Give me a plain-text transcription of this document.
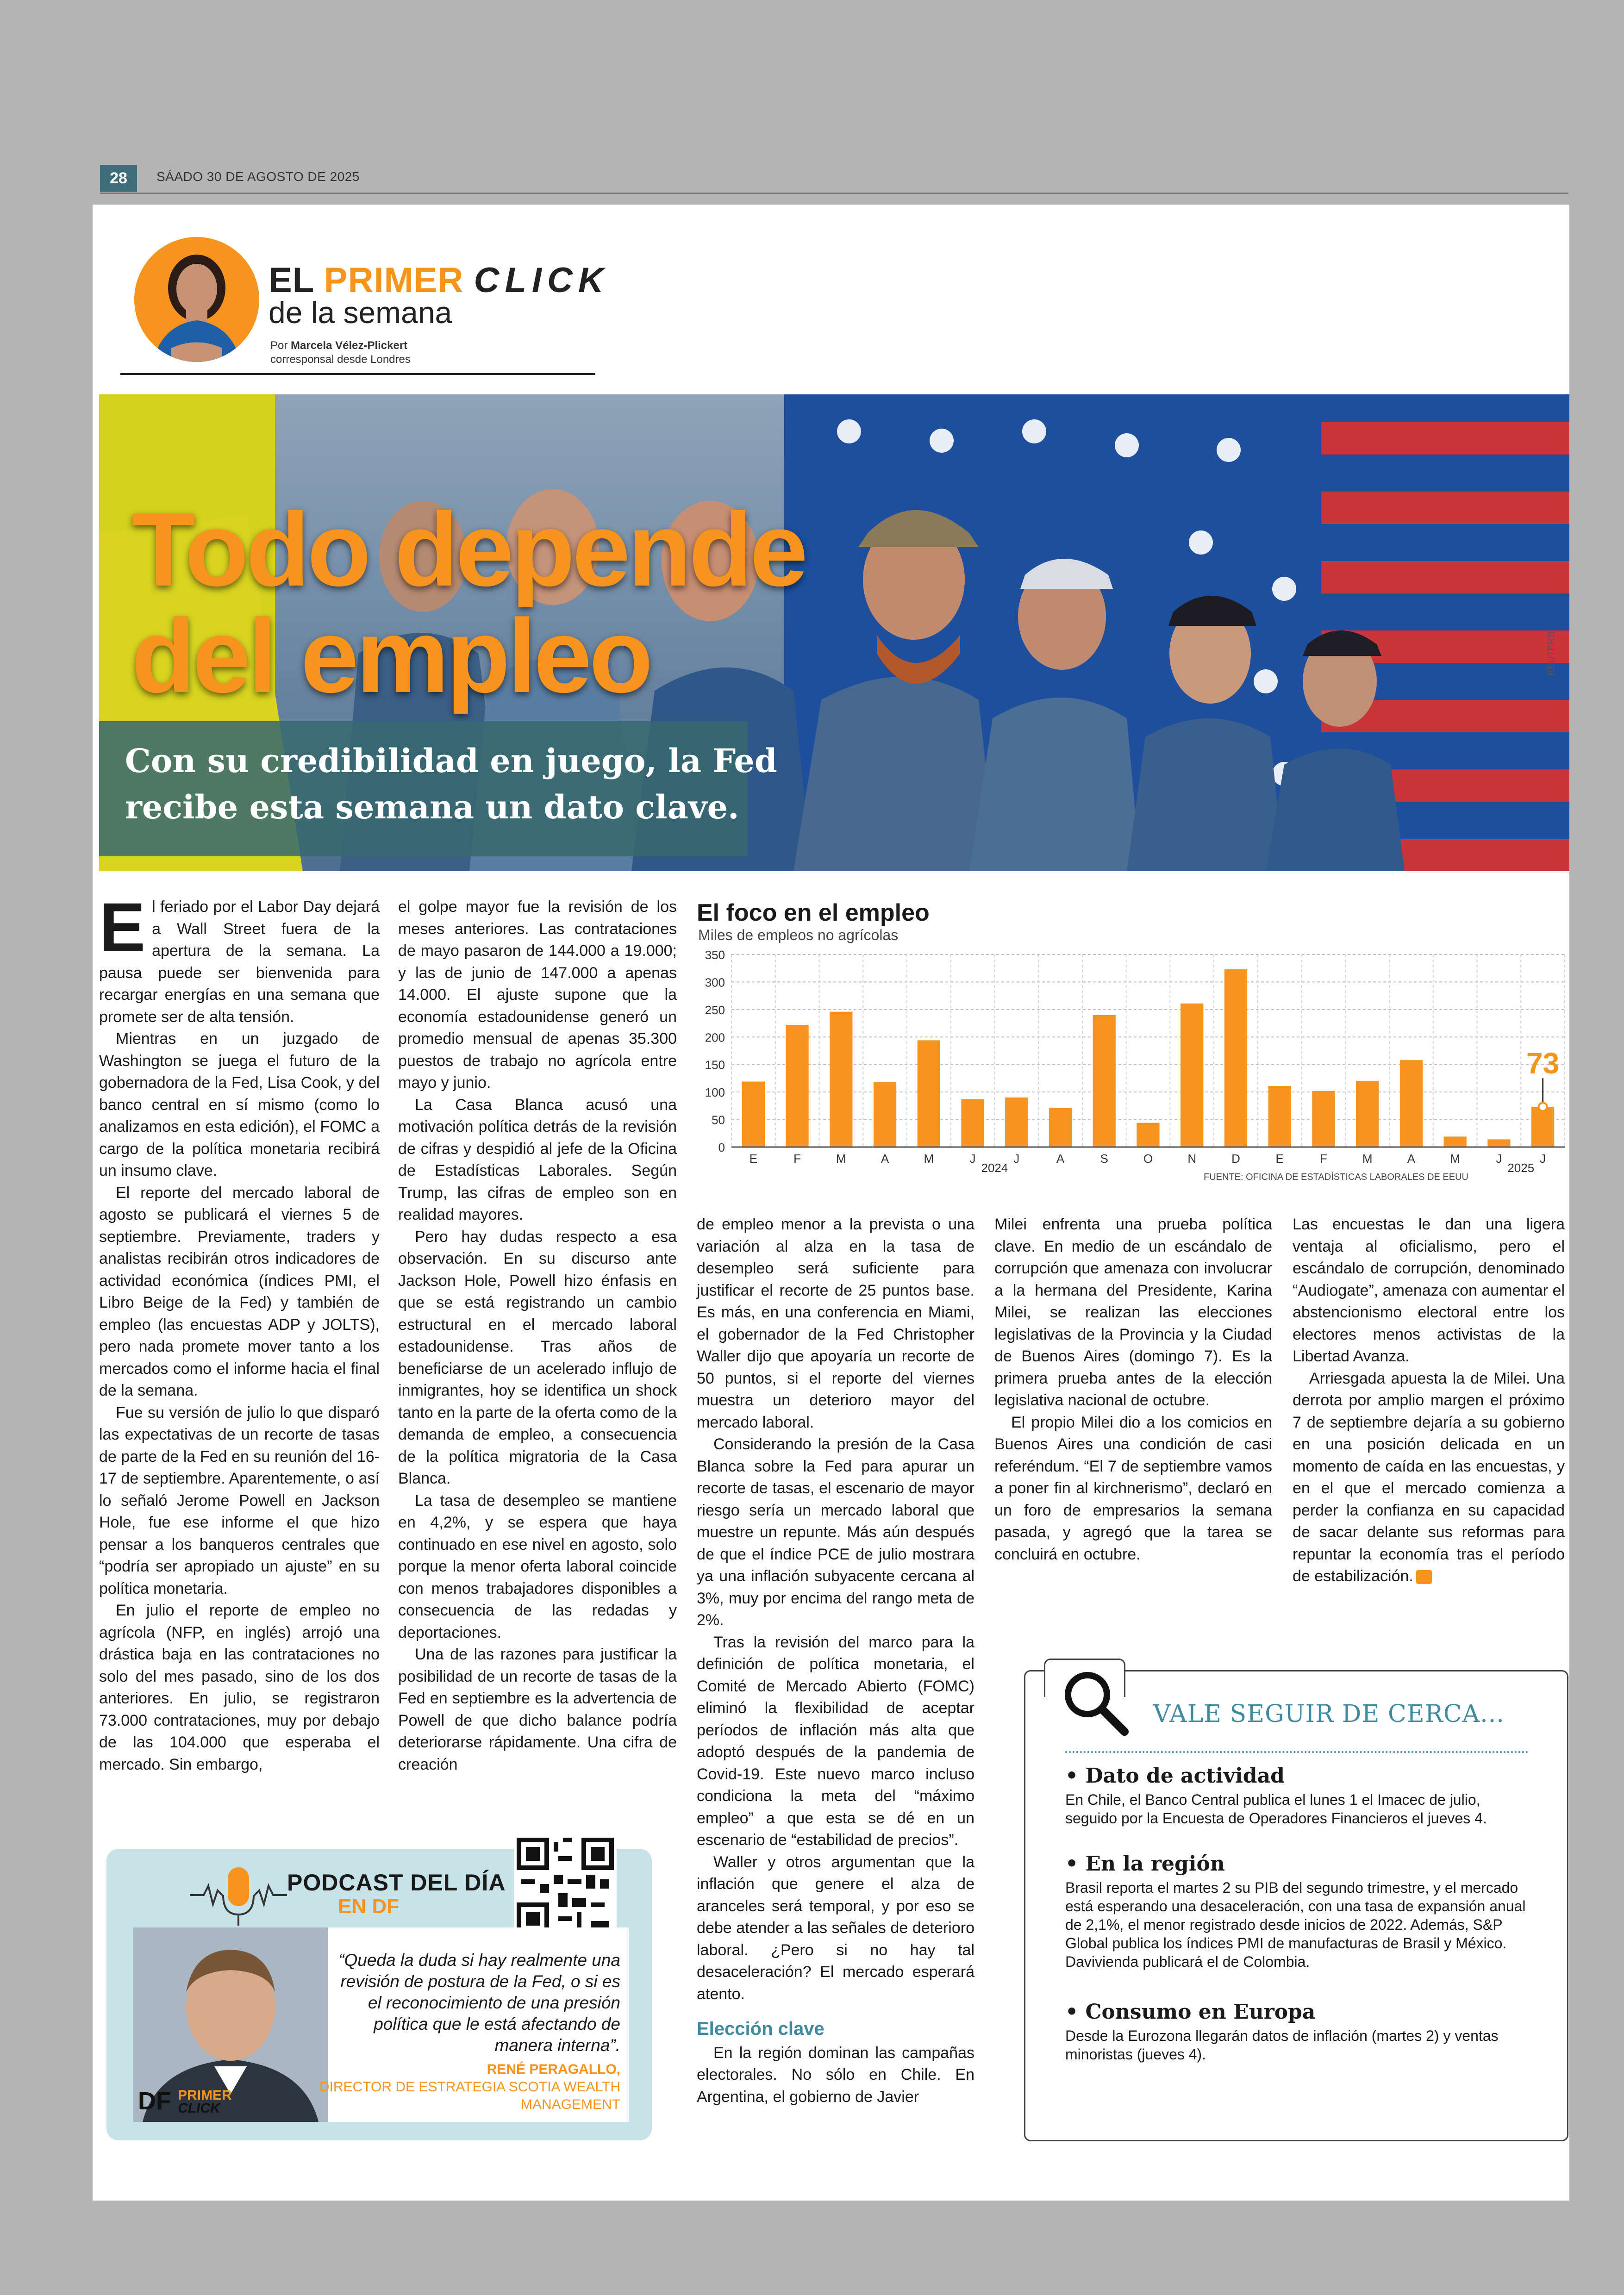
28	SÁADO 30 DE AGOSTO DE 2025
EL PRIMER CLICK
de la semana
Por Marcela Vélez-Plickert
corresponsal desde Londres
Todo depende
del empleo
Con su credibilidad en juego, la Fed
recibe esta semana un dato clave.
REUTERS

El feriado por el Labor Day dejará a Wall Street fuera de la apertura de la semana. La pausa puede ser bienvenida para recargar energías en una semana que promete ser de alta tensión.

Mientras en un juzgado de Washington se juega el futuro de la gobernadora de la Fed, Lisa Cook, y del banco central en sí mismo (como lo analizamos en esta edición), el FOMC a cargo de la política monetaria recibirá un insumo clave.

El reporte del mercado laboral de agosto se publicará el viernes 5 de septiembre. Previamente, traders y analistas recibirán otros indicadores de actividad económica (índices PMI, el Libro Beige de la Fed) y también de empleo (las encuestas ADP y JOLTS), pero nada promete mover tanto a los mercados como el informe hacia el final de la semana.

Fue su versión de julio lo que disparó las expectativas de un recorte de tasas de parte de la Fed en su reunión del 16-17 de septiembre. Aparentemente, o así lo señaló Jerome Powell en Jackson Hole, fue ese informe el que hizo pensar a los banqueros centrales que “podría ser apropiado un ajuste” en su política monetaria.

En julio el reporte de empleo no agrícola (NFP, en inglés) arrojó una drástica baja en las contrataciones no solo del mes pasado, sino de los dos anteriores. En julio, se registraron 73.000 contrataciones, muy por debajo de las 104.000 que esperaba el mercado. Sin embargo,

el golpe mayor fue la revisión de los meses anteriores. Las contrataciones de mayo pasaron de 144.000 a 19.000; y las de junio de 147.000 a apenas 14.000. El ajuste supone que la economía estadounidense generó un promedio mensual de apenas 35.300 puestos de trabajo no agrícola entre mayo y junio.

La Casa Blanca acusó una motivación política detrás de la revisión de cifras y despidió al jefe de la Oficina de Estadísticas Laborales. Según Trump, las cifras de empleo son en realidad mayores.

Pero hay dudas respecto a esa observación. En su discurso ante Jackson Hole, Powell hizo énfasis en que se está registrando un cambio estructural en el mercado laboral estadounidense. Tras años de beneficiarse de un acelerado influjo de inmigrantes, hoy se identifica un shock tanto en la parte de la oferta como de la demanda de empleo, a consecuencia de la política migratoria de la Casa Blanca.

La tasa de desempleo se mantiene en 4,2%, y se espera que haya continuado en ese nivel en agosto, solo porque la menor oferta laboral coincide con menos trabajadores disponibles a consecuencia de las redadas y deportaciones.

Una de las razones para justificar la posibilidad de un recorte de tasas de la Fed en septiembre es la advertencia de Powell de que dicho balance podría deteriorarse rápidamente. Una cifra de creación

El foco en el empleo
Miles de empleos no agrícolas
0
50
100
150
200
250
300
350
E	F	M	A	M	J	J	A	S	O	N	D	E	F	M	A	M	J	J
2024	2025
73
FUENTE: OFICINA DE ESTADÍSTICAS LABORALES DE EEUU

de empleo menor a la prevista o una variación al alza en la tasa de desempleo será suficiente para justificar el recorte de 25 puntos base. Es más, en una conferencia en Miami, el gobernador de la Fed Christopher Waller dijo que apoyaría un recorte de 50 puntos, si el reporte del viernes muestra un deterioro mayor del mercado laboral.

Considerando la presión de la Casa Blanca sobre la Fed para apurar un recorte de tasas, el escenario de mayor riesgo sería un mercado laboral que muestre un repunte. Más aún después de que el índice PCE de julio mostrara ya una inflación subyacente cercana al 3%, muy por encima del rango meta de 2%.

Tras la revisión del marco para la definición de política monetaria, el Comité de Mercado Abierto (FOMC) eliminó la flexibilidad de aceptar períodos de inflación más alta que adoptó después de la pandemia de Covid-19. Este nuevo marco incluso condiciona la meta del “máximo empleo” a que esta se dé en un escenario de “estabilidad de precios”.

Waller y otros argumentan que la inflación que genere el alza de aranceles será temporal, y por eso se debe atender a las señales de deterioro laboral. ¿Pero si no hay tal desaceleración? El mercado esperará atento.

Elección clave

En la región dominan las campañas electorales. No sólo en Chile. En Argentina, el gobierno de Javier

Milei enfrenta una prueba política clave. En medio de un escándalo de corrupción que amenaza con involucrar a la hermana del Presidente, Karina Milei, se realizan las elecciones legislativas de la Provincia y la Ciudad de Buenos Aires (domingo 7). Es la primera prueba antes de la elección legislativa nacional de octubre.

El propio Milei dio a los comicios en Buenos Aires una condición de casi referéndum. “El 7 de septiembre vamos a poner fin al kirchnerismo”, declaró en un foro de empresarios la semana pasada, y agregó que la tarea se concluirá en octubre.

Las encuestas le dan una ligera ventaja al oficialismo, pero el escándalo de corrupción, denominado “Audiogate”, amenaza con aumentar el abstencionismo electoral entre los electores menos activistas de la Libertad Avanza.

Arriesgada apuesta la de Milei. Una derrota por amplio margen el próximo 7 de septiembre dejaría a su gobierno en una posición delicada en un momento de caída en las encuestas, y en el que el mercado comienza a perder la confianza en su capacidad de sacar delante sus reformas para repuntar la economía tras el período de estabilización. ≡

PODCAST DEL DÍA
EN DF
DF PRIMER
CLICK
“Queda la duda si hay realmente una revisión de postura de la Fed, o si es el reconocimiento de una presión política que le está afectando de manera interna”.
RENÉ PERAGALLO,
DIRECTOR DE ESTRATEGIA SCOTIA WEALTH MANAGEMENT
VALE SEGUIR DE CERCA...
• Dato de actividad
En Chile, el Banco Central publica el lunes 1 el Imacec de julio, seguido por la Encuesta de Operadores Financieros el jueves 4.
• En la región
Brasil reporta el martes 2 su PIB del segundo trimestre, y el mercado está esperando una desaceleración, con una tasa de expansión anual de 2,1%, el menor registrado desde inicios de 2022. Además, S&P Global publica los índices PMI de manufacturas de Brasil y México. Davivienda publicará el de Colombia.
• Consumo en Europa
Desde la Eurozona llegarán datos de inflación (martes 2) y ventas minoristas (jueves 4).
